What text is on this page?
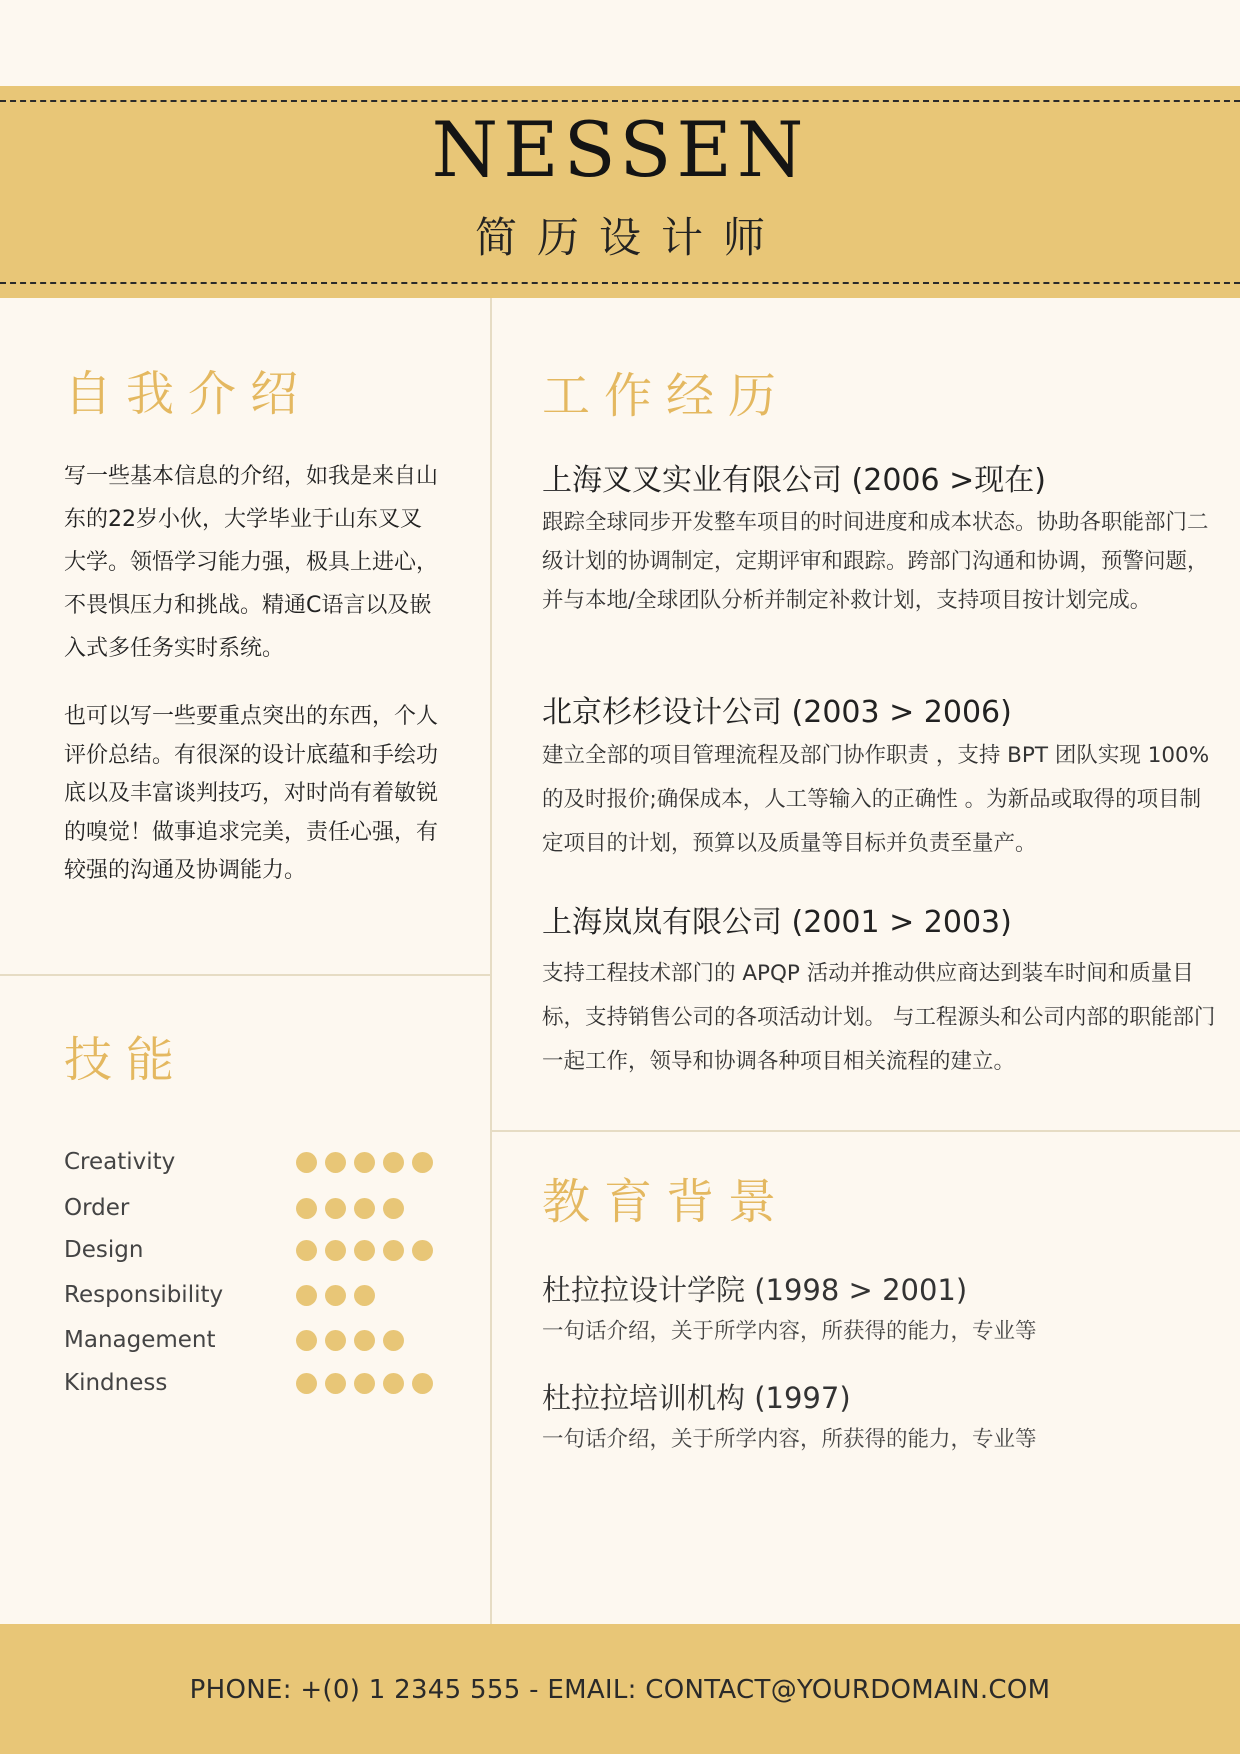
NESSEN
简历设计师
自我介绍
写一些基本信息的介绍，如我是来自山东的22岁小伙，大学毕业于山东叉叉大学。领悟学习能力强，极具上进心，不畏惧压力和挑战。精通C语言以及嵌入式多任务实时系统。
也可以写一些要重点突出的东西，个人评价总结。有很深的设计底蕴和手绘功底以及丰富谈判技巧，对时尚有着敏锐的嗅觉！做事追求完美，责任心强，有较强的沟通及协调能力。
技能
Creativity
Order
Design
Responsibility
Management
Kindness
工作经历
上海叉叉实业有限公司 (2006 >现在)
跟踪全球同步开发整车项目的时间进度和成本状态。协助各职能部门二级计划的协调制定，定期评审和跟踪。跨部门沟通和协调，预警问题，并与本地/全球团队分析并制定补救计划，支持项目按计划完成。
北京杉杉设计公司 (2003 > 2006)
建立全部的项目管理流程及部门协作职责 ，支持 BPT 团队实现 100%的及时报价;确保成本，人工等输入的正确性 。为新品或取得的项目制定项目的计划，预算以及质量等目标并负责至量产。
上海岚岚有限公司 (2001 > 2003)
支持工程技术部门的 APQP 活动并推动供应商达到装车时间和质量目标，支持销售公司的各项活动计划。 与工程源头和公司内部的职能部门一起工作，领导和协调各种项目相关流程的建立。
教育背景
杜拉拉设计学院 (1998 > 2001)
一句话介绍，关于所学内容，所获得的能力，专业等
杜拉拉培训机构 (1997)
一句话介绍，关于所学内容，所获得的能力，专业等
PHONE: +(0) 1 2345 555 - EMAIL: CONTACT@YOURDOMAIN.COM
